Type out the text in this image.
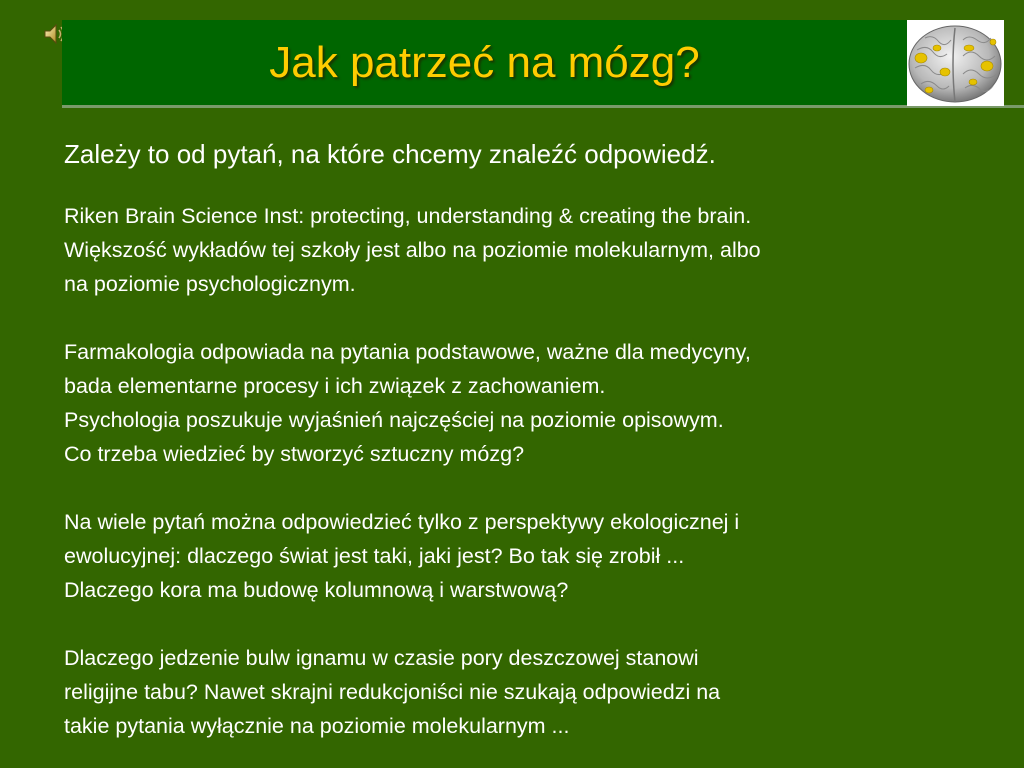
Jak patrzeć na mózg?
Zależy to od pytań, na które chcemy znaleźć odpowiedź.
Riken Brain Science Inst: protecting, understanding & creating the brain.
Większość wykładów tej szkoły jest albo na poziomie molekularnym, albo
na poziomie psychologicznym.
Farmakologia odpowiada na pytania podstawowe, ważne dla medycyny,
bada elementarne procesy i ich związek z zachowaniem.
Psychologia poszukuje wyjaśnień najczęściej na poziomie opisowym.
Co trzeba wiedzieć by stworzyć sztuczny mózg?
Na wiele pytań można odpowiedzieć tylko z perspektywy ekologicznej i
ewolucyjnej: dlaczego świat jest taki, jaki jest? Bo tak się zrobił ...
Dlaczego kora ma budowę kolumnową i warstwową?
Dlaczego jedzenie bulw ignamu w czasie pory deszczowej stanowi
religijne tabu? Nawet skrajni redukcjoniści nie szukają odpowiedzi na
takie pytania wyłącznie na poziomie molekularnym ...
